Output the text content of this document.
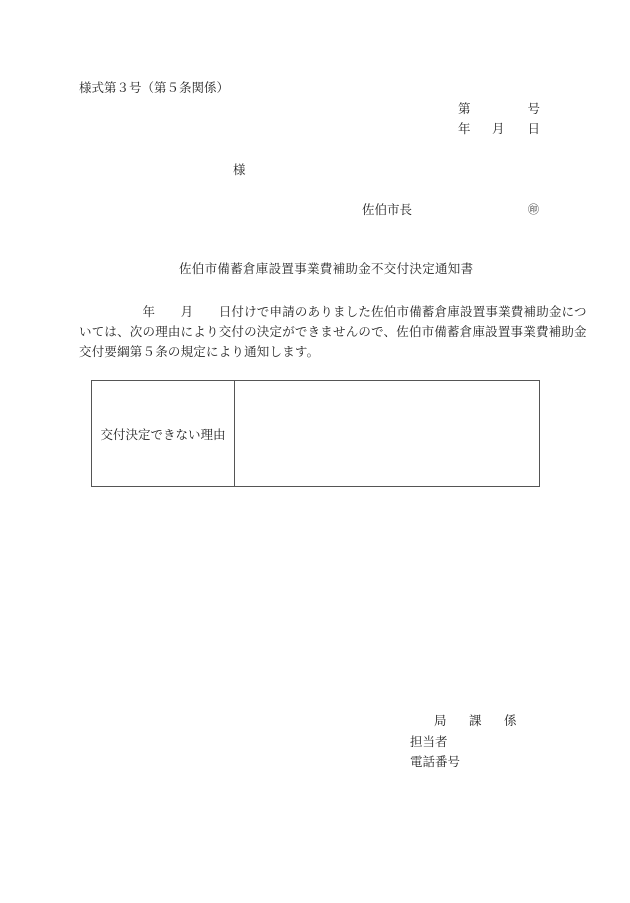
様式第３号（第５条関係）
第	号
年 月 日
様
佐伯市長	㊞
佐伯市備蓄倉庫設置事業費補助金不交付決定通知書
　　　　　年　　月　　日付けで申請のありました佐伯市備蓄倉庫設置事業費補助金につ
いては、次の理由により交付の決定ができませんので、佐伯市備蓄倉庫設置事業費補助金
交付要綱第５条の規定により通知します。
交付決定できない理由
局 課 係
担当者
電話番号
